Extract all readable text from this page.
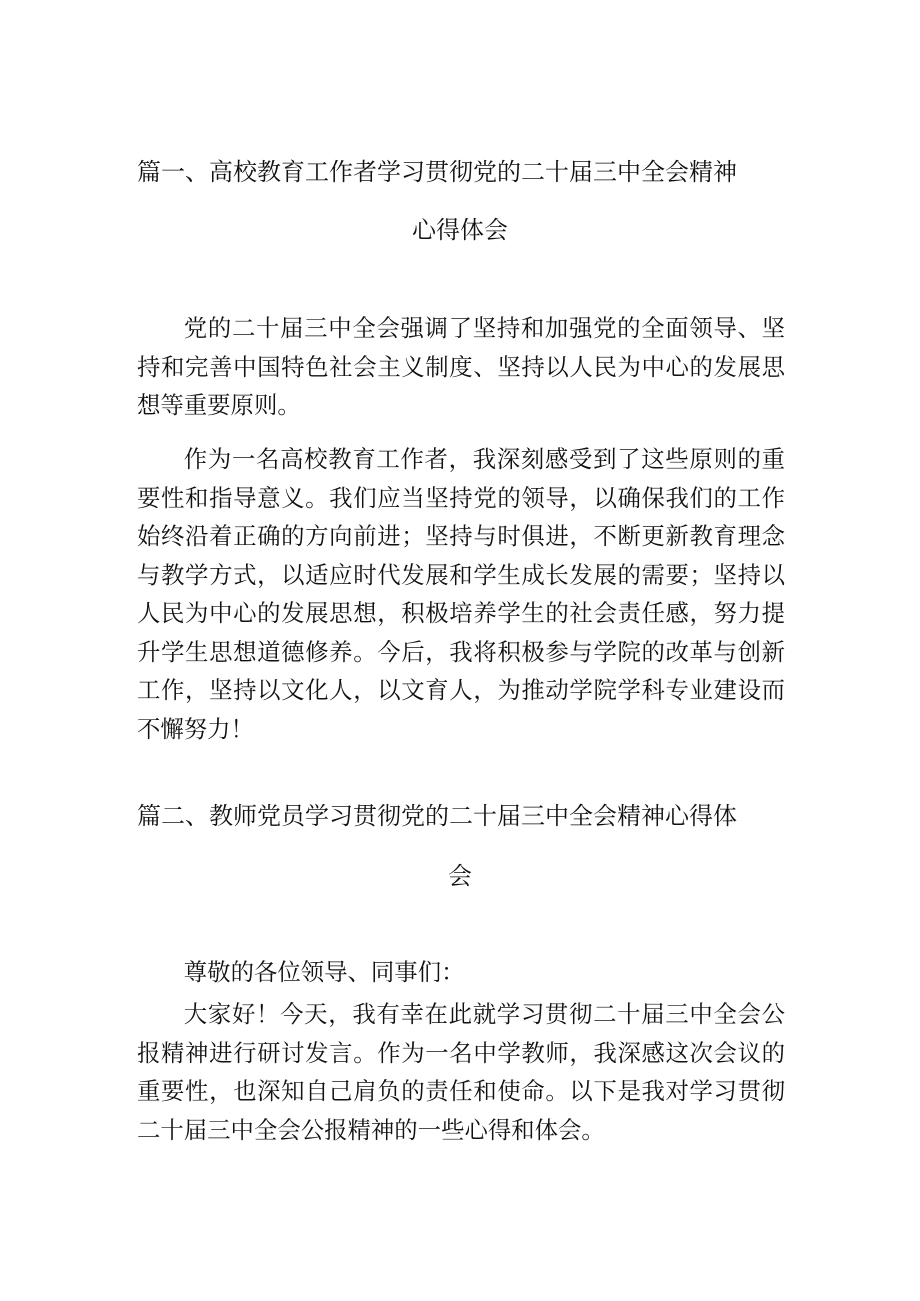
篇一、高校教育工作者学习贯彻党的二十届三中全会精神
心得体会

党的二十届三中全会强调了坚持和加强党的全面领导、坚持和完善中国特色社会主义制度、坚持以人民为中心的发展思想等重要原则。

作为一名高校教育工作者，我深刻感受到了这些原则的重要性和指导意义。我们应当坚持党的领导，以确保我们的工作始终沿着正确的方向前进；坚持与时俱进，不断更新教育理念与教学方式，以适应时代发展和学生成长发展的需要；坚持以人民为中心的发展思想，积极培养学生的社会责任感，努力提升学生思想道德修养。今后，我将积极参与学院的改革与创新工作，坚持以文化人，以文育人，为推动学院学科专业建设而不懈努力！

篇二、教师党员学习贯彻党的二十届三中全会精神心得体
会

尊敬的各位领导、同事们：

大家好！今天，我有幸在此就学习贯彻二十届三中全会公报精神进行研讨发言。作为一名中学教师，我深感这次会议的重要性，也深知自己肩负的责任和使命。以下是我对学习贯彻二十届三中全会公报精神的一些心得和体会。
